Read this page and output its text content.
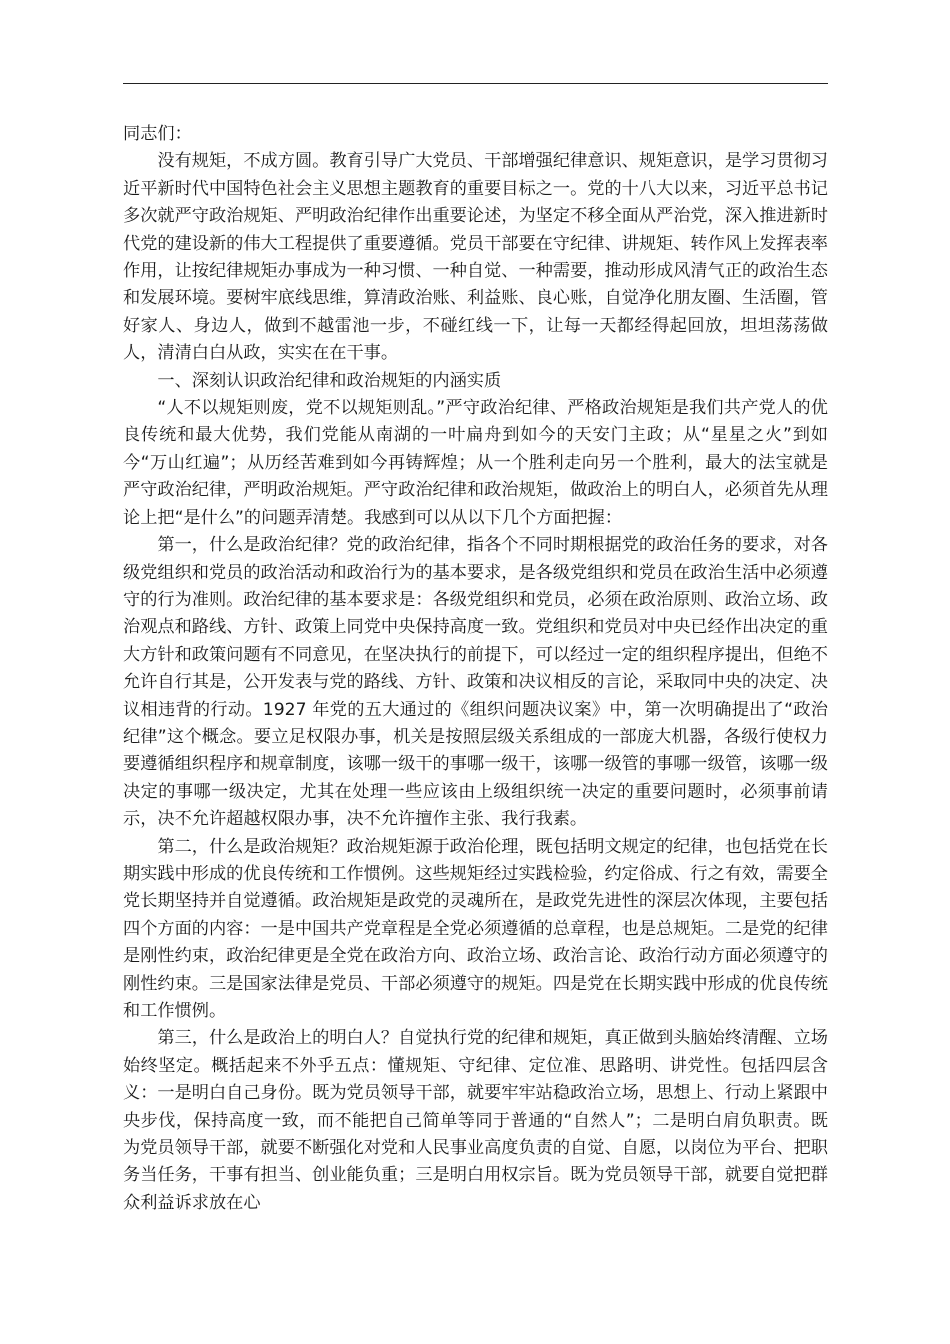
同志们：

没有规矩，不成方圆。教育引导广大党员、干部增强纪律意识、规矩意识，是学习贯彻习近平新时代中国特色社会主义思想主题教育的重要目标之一。党的十八大以来，习近平总书记多次就严守政治规矩、严明政治纪律作出重要论述，为坚定不移全面从严治党，深入推进新时代党的建设新的伟大工程提供了重要遵循。党员干部要在守纪律、讲规矩、转作风上发挥表率作用，让按纪律规矩办事成为一种习惯、一种自觉、一种需要，推动形成风清气正的政治生态和发展环境。要树牢底线思维，算清政治账、利益账、良心账，自觉净化朋友圈、生活圈，管好家人、身边人，做到不越雷池一步，不碰红线一下，让每一天都经得起回放，坦坦荡荡做人，清清白白从政，实实在在干事。

一、深刻认识政治纪律和政治规矩的内涵实质

“人不以规矩则废，党不以规矩则乱。”严守政治纪律、严格政治规矩是我们共产党人的优良传统和最大优势，我们党能从南湖的一叶扁舟到如今的天安门主政；从“星星之火”到如今“万山红遍”；从历经苦难到如今再铸辉煌；从一个胜利走向另一个胜利，最大的法宝就是严守政治纪律，严明政治规矩。严守政治纪律和政治规矩，做政治上的明白人，必须首先从理论上把“是什么”的问题弄清楚。我感到可以从以下几个方面把握：

第一，什么是政治纪律？党的政治纪律，指各个不同时期根据党的政治任务的要求，对各级党组织和党员的政治活动和政治行为的基本要求，是各级党组织和党员在政治生活中必须遵守的行为准则。政治纪律的基本要求是：各级党组织和党员，必须在政治原则、政治立场、政治观点和路线、方针、政策上同党中央保持高度一致。党组织和党员对中央已经作出决定的重大方针和政策问题有不同意见，在坚决执行的前提下，可以经过一定的组织程序提出，但绝不允许自行其是，公开发表与党的路线、方针、政策和决议相反的言论，采取同中央的决定、决议相违背的行动。1927 年党的五大通过的《组织问题决议案》中，第一次明确提出了“政治纪律”这个概念。要立足权限办事，机关是按照层级关系组成的一部庞大机器，各级行使权力要遵循组织程序和规章制度，该哪一级干的事哪一级干，该哪一级管的事哪一级管，该哪一级决定的事哪一级决定，尤其在处理一些应该由上级组织统一决定的重要问题时，必须事前请示，决不允许超越权限办事，决不允许擅作主张、我行我素。

第二，什么是政治规矩？政治规矩源于政治伦理，既包括明文规定的纪律，也包括党在长期实践中形成的优良传统和工作惯例。这些规矩经过实践检验，约定俗成、行之有效，需要全党长期坚持并自觉遵循。政治规矩是政党的灵魂所在，是政党先进性的深层次体现，主要包括四个方面的内容：一是中国共产党章程是全党必须遵循的总章程，也是总规矩。二是党的纪律是刚性约束，政治纪律更是全党在政治方向、政治立场、政治言论、政治行动方面必须遵守的刚性约束。三是国家法律是党员、干部必须遵守的规矩。四是党在长期实践中形成的优良传统和工作惯例。

第三，什么是政治上的明白人？自觉执行党的纪律和规矩，真正做到头脑始终清醒、立场始终坚定。概括起来不外乎五点：懂规矩、守纪律、定位准、思路明、讲党性。包括四层含义：一是明白自己身份。既为党员领导干部，就要牢牢站稳政治立场，思想上、行动上紧跟中央步伐，保持高度一致，而不能把自己简单等同于普通的“自然人”；二是明白肩负职责。既为党员领导干部，就要不断强化对党和人民事业高度负责的自觉、自愿，以岗位为平台、把职务当任务，干事有担当、创业能负重；三是明白用权宗旨。既为党员领导干部，就要自觉把群众利益诉求放在心
